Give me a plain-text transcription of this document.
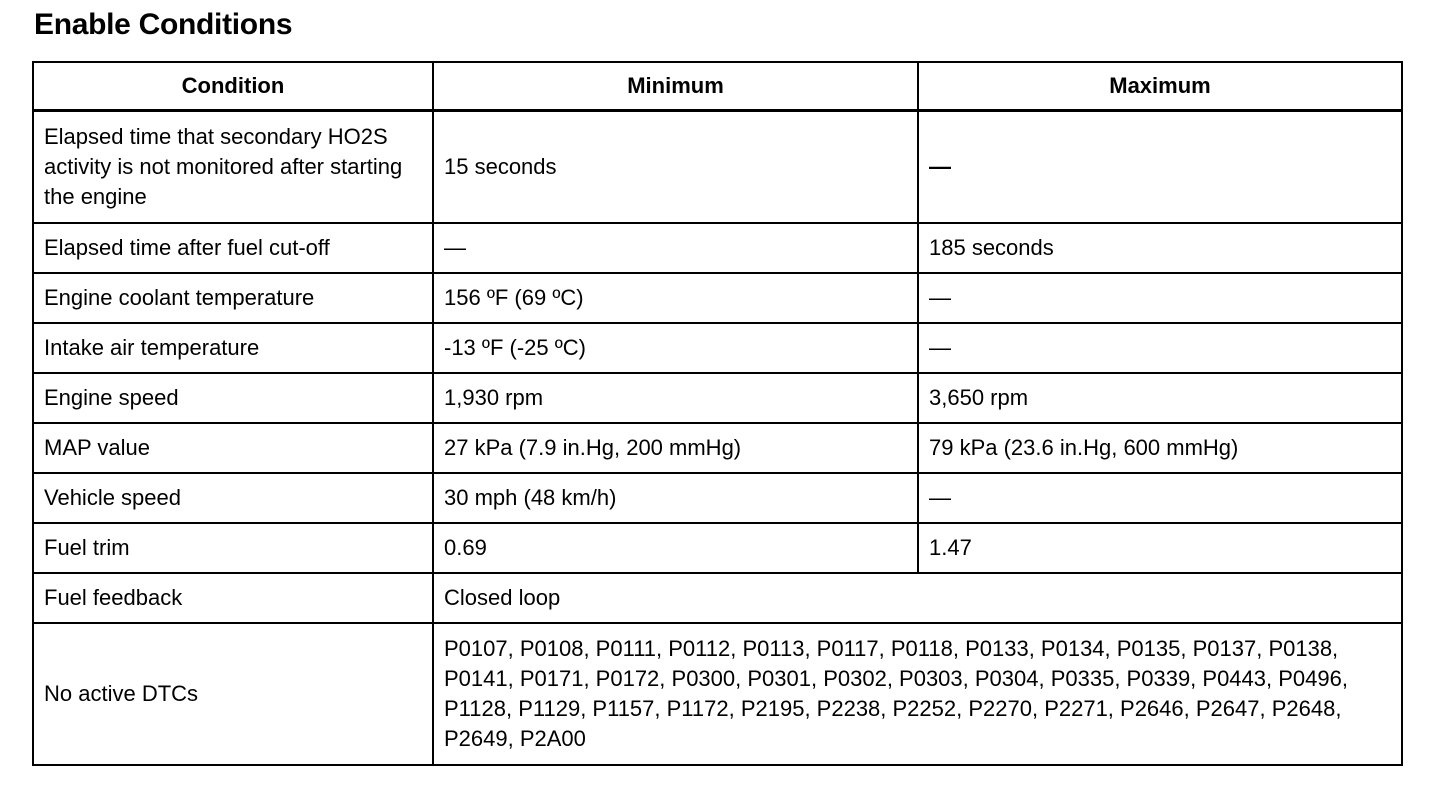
Enable Conditions
Condition	Minimum	Maximum
Elapsed time that secondary HO2S activity is not monitored after starting the engine	15 seconds	—
Elapsed time after fuel cut-off	—	185 seconds
Engine coolant temperature	156 ºF (69 ºC)	—
Intake air temperature	-13 ºF (-25 ºC)	—
Engine speed	1,930 rpm	3,650 rpm
MAP value	27 kPa (7.9 in.Hg, 200 mmHg)	79 kPa (23.6 in.Hg, 600 mmHg)
Vehicle speed	30 mph (48 km/h)	—
Fuel trim	0.69	1.47
Fuel feedback	Closed loop	
No active DTCs	P0107, P0108, P0111, P0112, P0113, P0117, P0118, P0133, P0134, P0135, P0137, P0138, P0141, P0171, P0172, P0300, P0301, P0302, P0303, P0304, P0335, P0339, P0443, P0496, P1128, P1129, P1157, P1172, P2195, P2238, P2252, P2270, P2271, P2646, P2647, P2648, P2649, P2A00	
